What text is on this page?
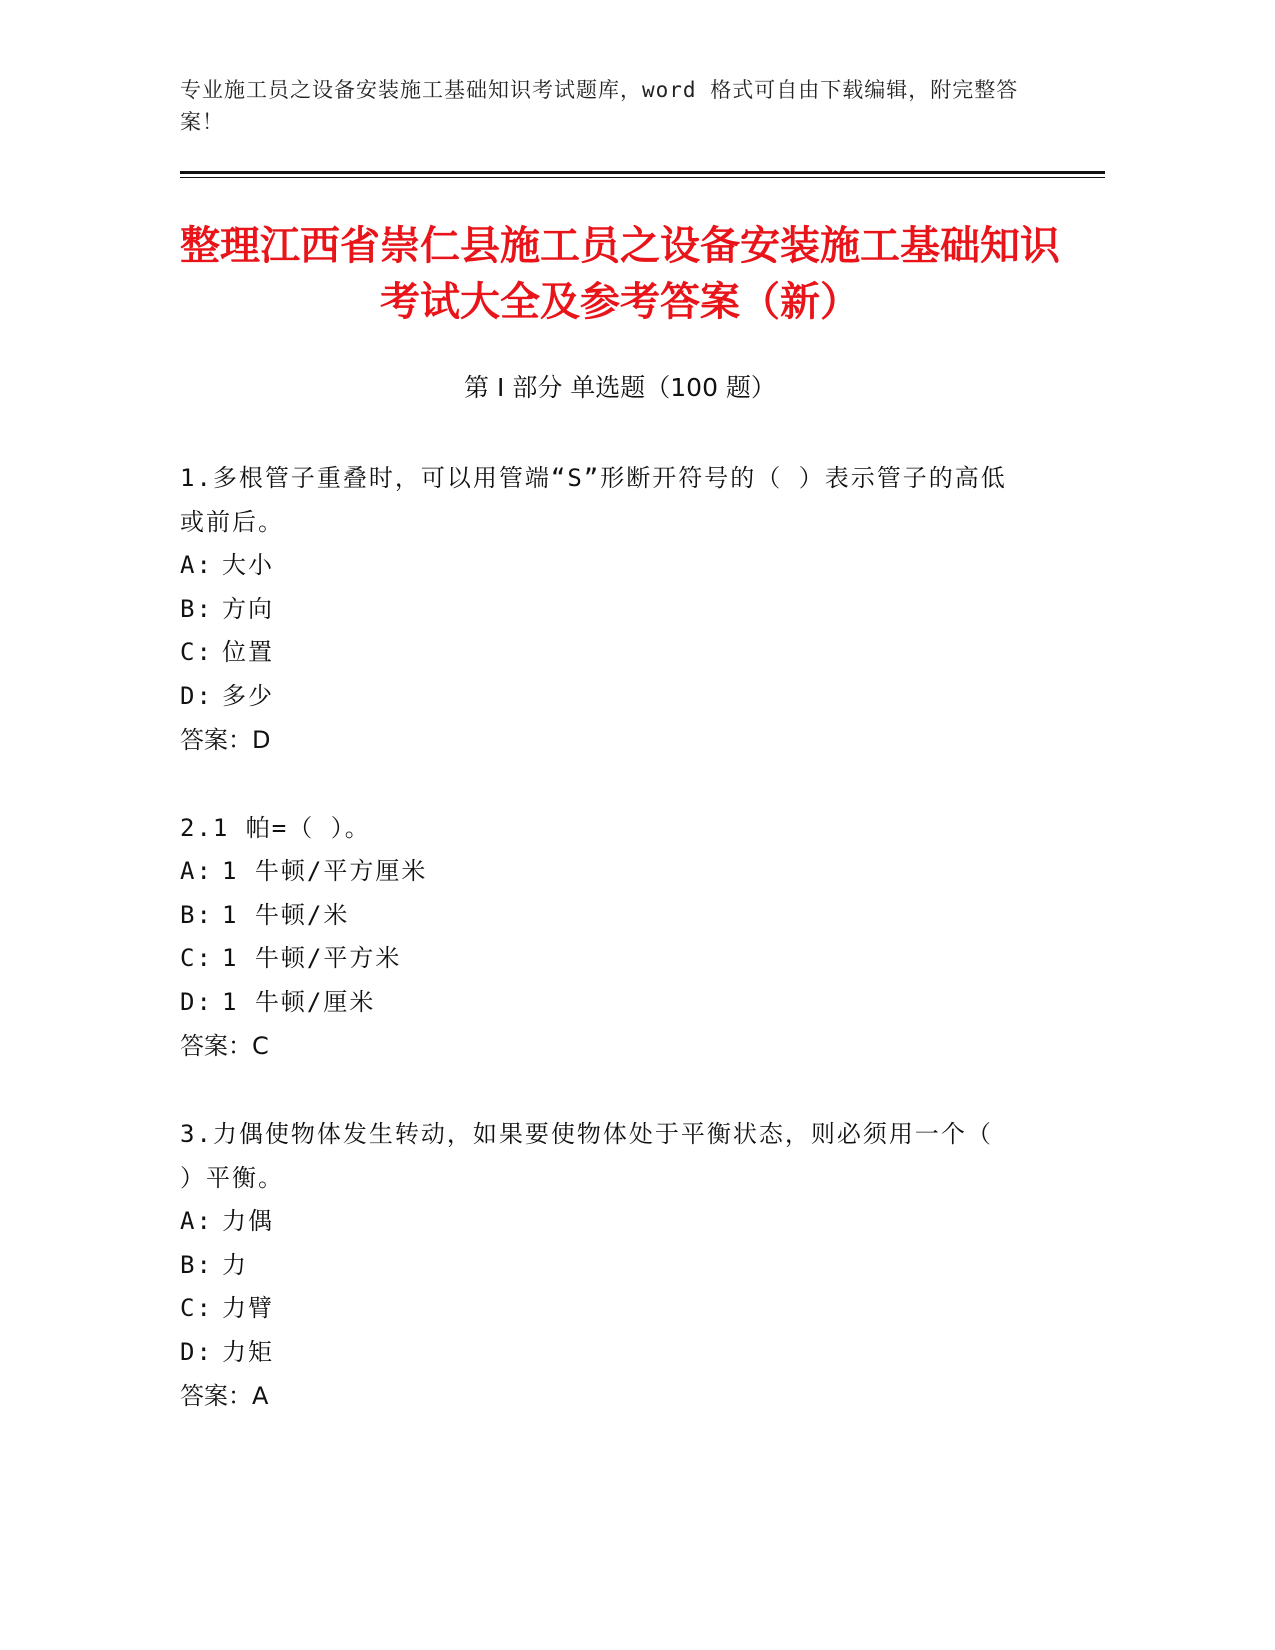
专业施工员之设备安装施工基础知识考试题库，word 格式可自由下载编辑，附完整答案！
整理江西省崇仁县施工员之设备安装施工基础知识考试大全及参考答案（新）
第 I 部分 单选题（100 题）

1.多根管子重叠时，可以用管端“S”形断开符号的（ ）表示管子的高低或前后。

A: 大小

B: 方向

C: 位置

D: 多少

答案：D

2.1 帕=（ ）。

A: 1 牛顿/平方厘米

B: 1 牛顿/米

C: 1 牛顿/平方米

D: 1 牛顿/厘米

答案：C

3.力偶使物体发生转动，如果要使物体处于平衡状态，则必须用一个（ ）平衡。

A: 力偶

B: 力

C: 力臂

D: 力矩

答案：A
